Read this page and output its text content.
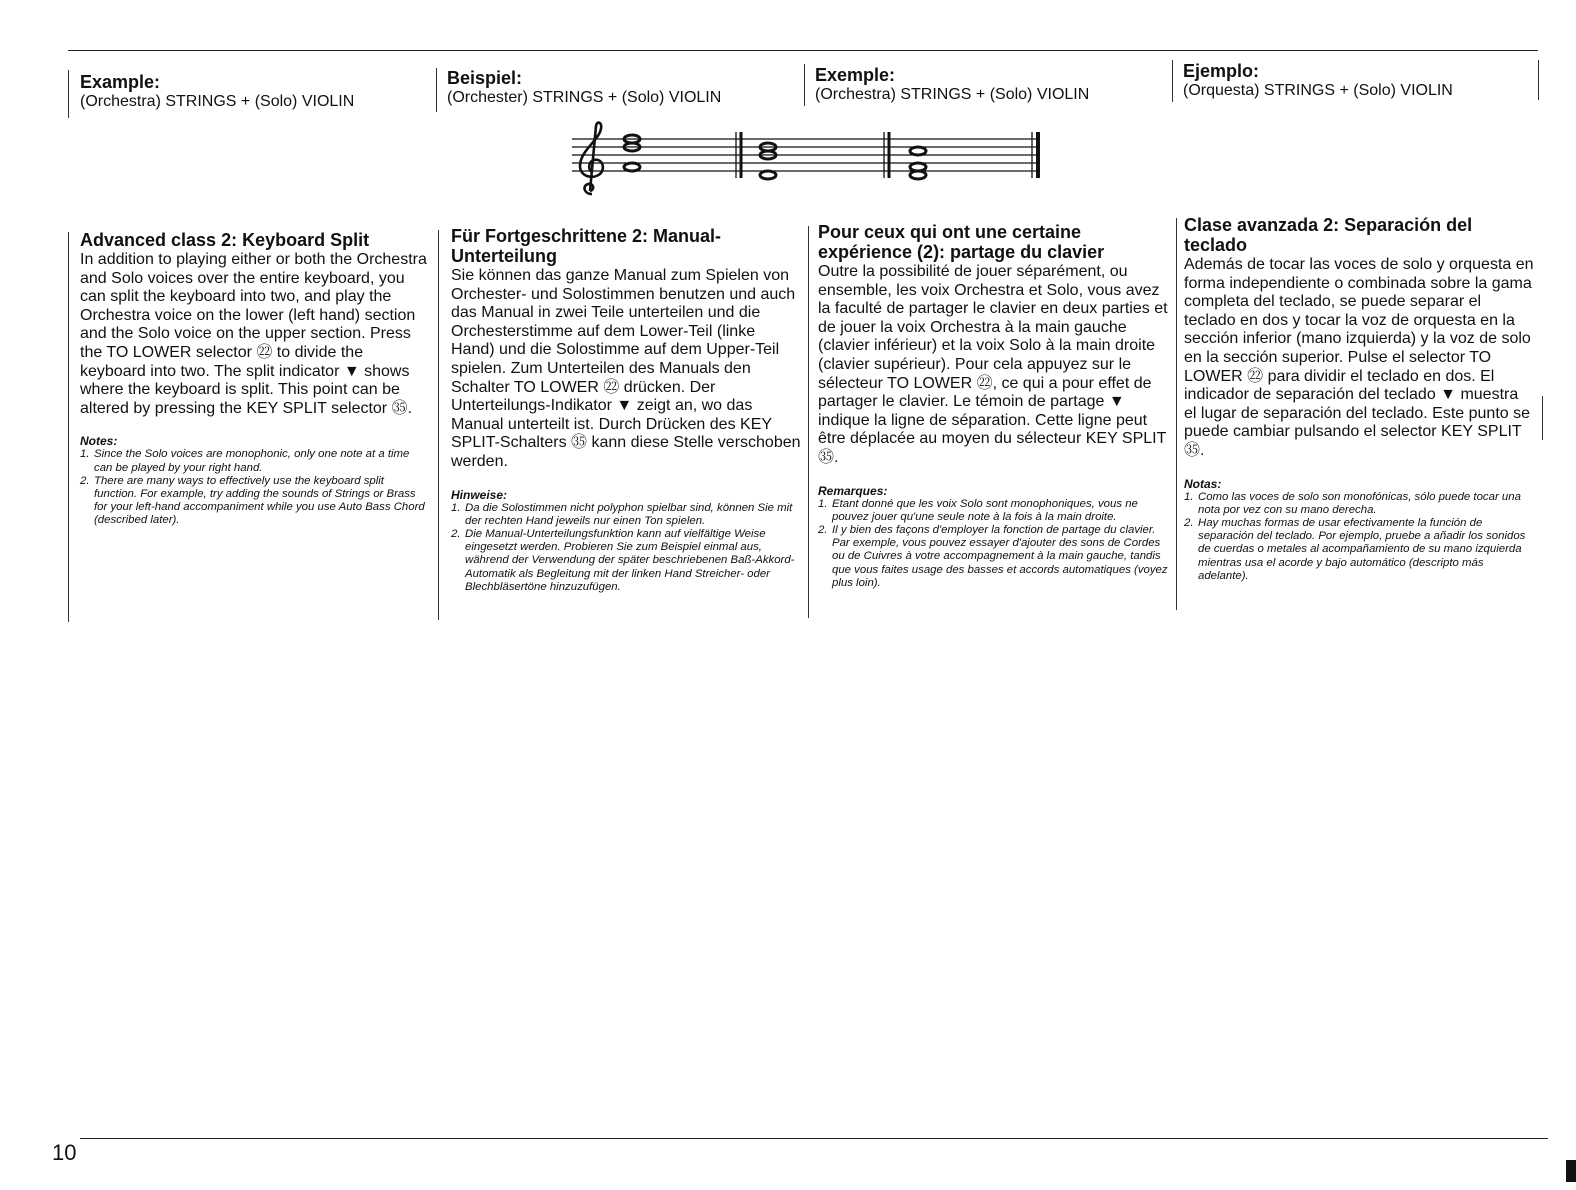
Example:
(Orchestra) STRINGS + (Solo) VIOLIN
Beispiel:
(Orchester) STRINGS + (Solo) VIOLIN
Exemple:
(Orchestra) STRINGS + (Solo) VIOLIN
Ejemplo:
(Orquesta) STRINGS + (Solo) VIOLIN
Advanced class 2: Keyboard Split
In addition to playing either or both the Orchestra and Solo voices over the entire keyboard, you can split the keyboard into two, and play the Orchestra voice on the lower (left hand) section and the Solo voice on the upper section. Press the TO LOWER selector ㉒ to divide the keyboard into two. The split indicator ▼ shows where the keyboard is split. This point can be altered by pressing the KEY SPLIT selector ㉟.
Notes:
1. Since the Solo voices are monophonic, only one note at a time can be played by your right hand.
2. There are many ways to effectively use the keyboard split function. For example, try adding the sounds of Strings or Brass for your left-hand accompaniment while you use Auto Bass Chord (described later).
Für Fortgeschrittene 2: Manual-Unterteilung
Sie können das ganze Manual zum Spielen von Orchester- und Solostimmen benutzen und auch das Manual in zwei Teile unterteilen und die Orchesterstimme auf dem Lower-Teil (linke Hand) und die Solostimme auf dem Upper-Teil spielen. Zum Unterteilen des Manuals den Schalter TO LOWER ㉒ drücken. Der Unterteilungs-Indikator ▼ zeigt an, wo das Manual unterteilt ist. Durch Drücken des KEY SPLIT-Schalters ㉟ kann diese Stelle verschoben werden.
Hinweise:
1. Da die Solostimmen nicht polyphon spielbar sind, können Sie mit der rechten Hand jeweils nur einen Ton spielen.
2. Die Manual-Unterteilungsfunktion kann auf vielfältige Weise eingesetzt werden. Probieren Sie zum Beispiel einmal aus, während der Verwendung der später beschriebenen Baß-Akkord-Automatik als Begleitung mit der linken Hand Streicher- oder Blechbläsertöne hinzuzufügen.
Pour ceux qui ont une certaine expérience (2): partage du clavier
Outre la possibilité de jouer séparément, ou ensemble, les voix Orchestra et Solo, vous avez la faculté de partager le clavier en deux parties et de jouer la voix Orchestra à la main gauche (clavier inférieur) et la voix Solo à la main droite (clavier supérieur). Pour cela appuyez sur le sélecteur TO LOWER ㉒, ce qui a pour effet de partager le clavier. Le témoin de partage ▼ indique la ligne de séparation. Cette ligne peut être déplacée au moyen du sélecteur KEY SPLIT ㉟.
Remarques:
1. Etant donné que les voix Solo sont monophoniques, vous ne pouvez jouer qu'une seule note à la fois à la main droite.
2. Il y bien des façons d'employer la fonction de partage du clavier. Par exemple, vous pouvez essayer d'ajouter des sons de Cordes ou de Cuivres à votre accompagnement à la main gauche, tandis que vous faites usage des basses et accords automatiques (voyez plus loin).
Clase avanzada 2: Separación del teclado
Además de tocar las voces de solo y orquesta en forma independiente o combinada sobre la gama completa del teclado, se puede separar el teclado en dos y tocar la voz de orquesta en la sección inferior (mano izquierda) y la voz de solo en la sección superior. Pulse el selector TO LOWER ㉒ para dividir el teclado en dos. El indicador de separación del teclado ▼ muestra el lugar de separación del teclado. Este punto se puede cambiar pulsando el selector KEY SPLIT ㉟.
Notas:
1. Como las voces de solo son monofónicas, sólo puede tocar una nota por vez con su mano derecha.
2. Hay muchas formas de usar efectivamente la función de separación del teclado. Por ejemplo, pruebe a añadir los sonidos de cuerdas o metales al acompañamiento de su mano izquierda mientras usa el acorde y bajo automático (descripto más adelante).
10
